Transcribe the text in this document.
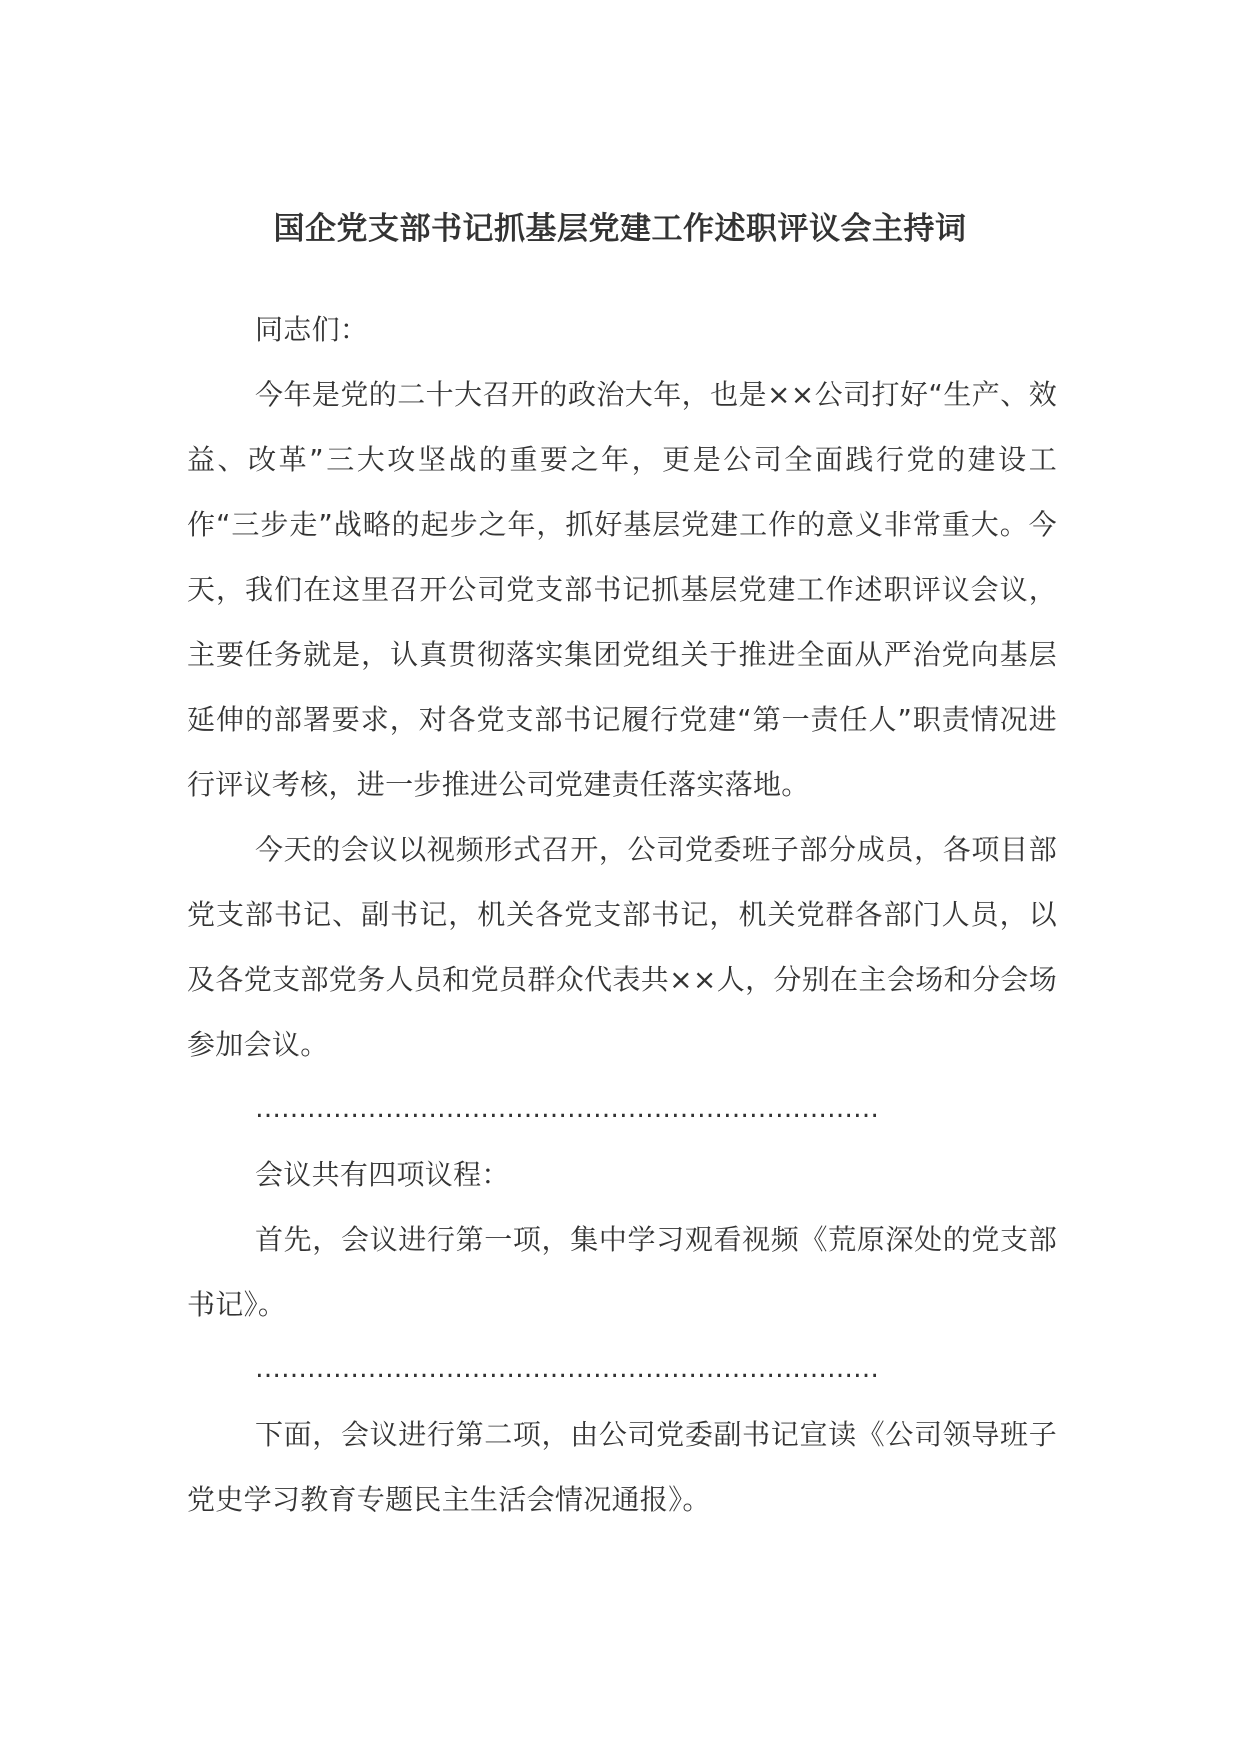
国企党支部书记抓基层党建工作述职评议会主持词

同志们：

今年是党的二十大召开的政治大年，也是××公司打好“生产、效益、改革”三大攻坚战的重要之年，更是公司全面践行党的建设工作“三步走”战略的起步之年，抓好基层党建工作的意义非常重大。今天，我们在这里召开公司党支部书记抓基层党建工作述职评议会议，主要任务就是，认真贯彻落实集团党组关于推进全面从严治党向基层延伸的部署要求，对各党支部书记履行党建“第一责任人”职责情况进行评议考核，进一步推进公司党建责任落实落地。

今天的会议以视频形式召开，公司党委班子部分成员，各项目部党支部书记、副书记，机关各党支部书记，机关党群各部门人员，以及各党支部党务人员和党员群众代表共××人，分别在主会场和分会场参加会议。

………………………………………………………………

会议共有四项议程：

首先，会议进行第一项，集中学习观看视频《荒原深处的党支部书记》。

………………………………………………………………

下面，会议进行第二项，由公司党委副书记宣读《公司领导班子党史学习教育专题民主生活会情况通报》。
